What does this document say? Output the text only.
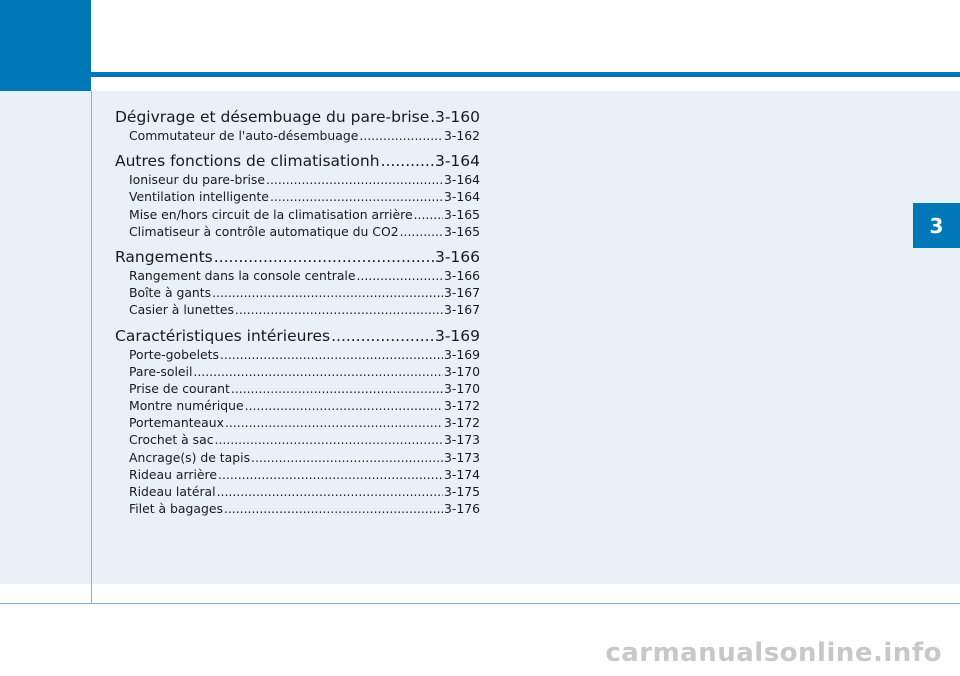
3
Dégivrage et désembuage du pare-brise ..... 3-160
Commutateur de l'auto-désembuage .....	3-162
Autres fonctions de climatisationh .....	3-164
Ioniseur du pare-brise .....	3-164
Ventilation intelligente .....	3-164
Mise en/hors circuit de la climatisation arrière .....	3-165
Climatiseur à contrôle automatique du CO2 .....	3-165
Rangements .....	3-166
Rangement dans la console centrale .....	3-166
Boîte à gants .....	3-167
Casier à lunettes .....	3-167
Caractéristiques intérieures .....	3-169
Porte-gobelets .....	3-169
Pare-soleil .....	3-170
Prise de courant .....	3-170
Montre numérique .....	3-172
Portemanteaux .....	3-172
Crochet à sac .....	3-173
Ancrage(s) de tapis .....	3-173
Rideau arrière .....	3-174
Rideau latéral .....	3-175
Filet à bagages .....	3-176
carmanualsonline.info
